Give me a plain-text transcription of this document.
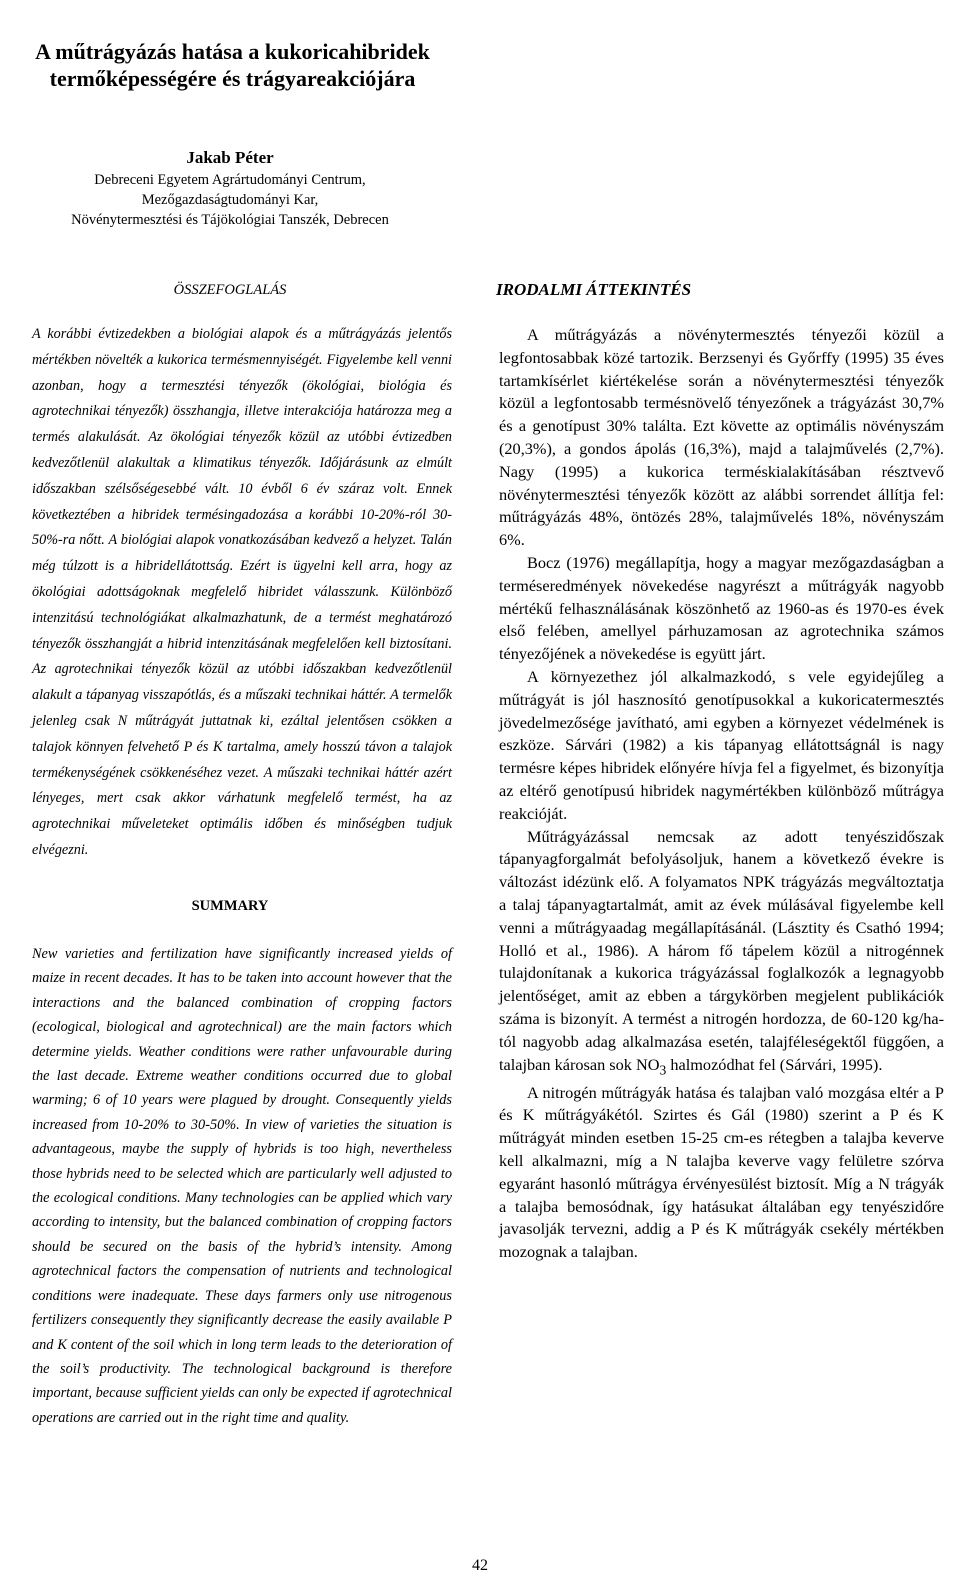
A műtrágyázás hatása a kukoricahibridek termőképességére és trágyareakciójára

Jakab Péter

Debreceni Egyetem Agrártudományi Centrum,

Mezőgazdaságtudományi Kar,

Növénytermesztési és Tájökológiai Tanszék, Debrecen

ÖSSZEFOGLALÁS

A korábbi évtizedekben a biológiai alapok és a műtrágyázás jelentős mértékben növelték a kukorica termésmennyiségét. Figyelembe kell venni azonban, hogy a termesztési tényezők (ökológiai, biológia és agrotechnikai tényezők) összhangja, illetve interakciója határozza meg a termés alakulását. Az ökológiai tényezők közül az utóbbi évtizedben kedvezőtlenül alakultak a klimatikus tényezők. Időjárásunk az elmúlt időszakban szélsőségesebbé vált. 10 évből 6 év száraz volt. Ennek következtében a hibridek termésingadozása a korábbi 10-20%-ról 30-50%-ra nőtt. A biológiai alapok vonatkozásában kedvező a helyzet. Talán még túlzott is a hibridellátottság. Ezért is ügyelni kell arra, hogy az ökológiai adottságoknak megfelelő hibridet válasszunk. Különböző intenzitású technológiákat alkalmazhatunk, de a termést meghatározó tényezők összhangját a hibrid intenzitásának megfelelően kell biztosítani. Az agrotechnikai tényezők közül az utóbbi időszakban kedvezőtlenül alakult a tápanyag visszapótlás, és a műszaki technikai háttér. A termelők jelenleg csak N műtrágyát juttatnak ki, ezáltal jelentősen csökken a talajok könnyen felvehető P és K tartalma, amely hosszú távon a talajok termékenységének csökkenéséhez vezet. A műszaki technikai háttér azért lényeges, mert csak akkor várhatunk megfelelő termést, ha az agrotechnikai műveleteket optimális időben és minőségben tudjuk elvégezni.

SUMMARY

New varieties and fertilization have significantly increased yields of maize in recent decades. It has to be taken into account however that the interactions and the balanced combination of cropping factors (ecological, biological and agrotechnical) are the main factors which determine yields. Weather conditions were rather unfavourable during the last decade. Extreme weather conditions occurred due to global warming; 6 of 10 years were plagued by drought. Consequently yields increased from 10-20% to 30-50%. In view of varieties the situation is advantageous, maybe the supply of hybrids is too high, nevertheless those hybrids need to be selected which are particularly well adjusted to the ecological conditions. Many technologies can be applied which vary according to intensity, but the balanced combination of cropping factors should be secured on the basis of the hybrid’s intensity. Among agrotechnical factors the compensation of nutrients and technological conditions were inadequate. These days farmers only use nitrogenous fertilizers consequently they significantly decrease the easily available P and K content of the soil which in long term leads to the deterioration of the soil’s productivity. The technological background is therefore important, because sufficient yields can only be expected if agrotechnical operations are carried out in the right time and quality.

IRODALMI ÁTTEKINTÉS

A műtrágyázás a növénytermesztés tényezői közül a legfontosabbak közé tartozik. Berzsenyi és Győrffy (1995) 35 éves tartamkísérlet kiértékelése során a növénytermesztési tényezők közül a legfontosabb termésnövelő tényezőnek a trágyázást 30,7% és a genotípust 30% találta. Ezt követte az optimális növényszám (20,3%), a gondos ápolás (16,3%), majd a talajművelés (2,7%). Nagy (1995) a kukorica terméskialakításában résztvevő növénytermesztési tényezők között az alábbi sorrendet állítja fel: műtrágyázás 48%, öntözés 28%, talajművelés 18%, növényszám 6%.

Bocz (1976) megállapítja, hogy a magyar mezőgazdaságban a terméseredmények növekedése nagyrészt a műtrágyák nagyobb mértékű felhasználásának köszönhető az 1960-as és 1970-es évek első felében, amellyel párhuzamosan az agrotechnika számos tényezőjének a növekedése is együtt járt.

A környezethez jól alkalmazkodó, s vele egyidejűleg a műtrágyát is jól hasznosító genotípusokkal a kukoricatermesztés jövedelmezősége javítható, ami egyben a környezet védelmének is eszköze. Sárvári (1982) a kis tápanyag ellátottságnál is nagy termésre képes hibridek előnyére hívja fel a figyelmet, és bizonyítja az eltérő genotípusú hibridek nagymértékben különböző műtrágya reakcióját.

Műtrágyázással nemcsak az adott tenyészidőszak tápanyagforgalmát befolyásoljuk, hanem a következő évekre is változást idézünk elő. A folyamatos NPK trágyázás megváltoztatja a talaj tápanyagtartalmát, amit az évek múlásával figyelembe kell venni a műtrágyaadag megállapításánál. (Lásztity és Csathó 1994; Holló et al., 1986). A három fő tápelem közül a nitrogénnek tulajdonítanak a kukorica trágyázással foglalkozók a legnagyobb jelentőséget, amit az ebben a tárgykörben megjelent publikációk száma is bizonyít. A termést a nitrogén hordozza, de 60-120 kg/ha-tól nagyobb adag alkalmazása esetén, talajféleségektől függően, a talajban károsan sok $NO_3$ halmozódhat fel (Sárvári, 1995).

A nitrogén műtrágyák hatása és talajban való mozgása eltér a P és K műtrágyákétól. Szirtes és Gál (1980) szerint a P és K műtrágyát minden esetben 15-25 cm-es rétegben a talajba keverve kell alkalmazni, míg a N talajba keverve vagy felületre szórva egyaránt hasonló műtrágya érvényesülést biztosít. Míg a N trágyák a talajba bemosódnak, így hatásukat általában egy tenyészidőre javasolják tervezni, addig a P és K műtrágyák csekély mértékben mozognak a talajban.

42
